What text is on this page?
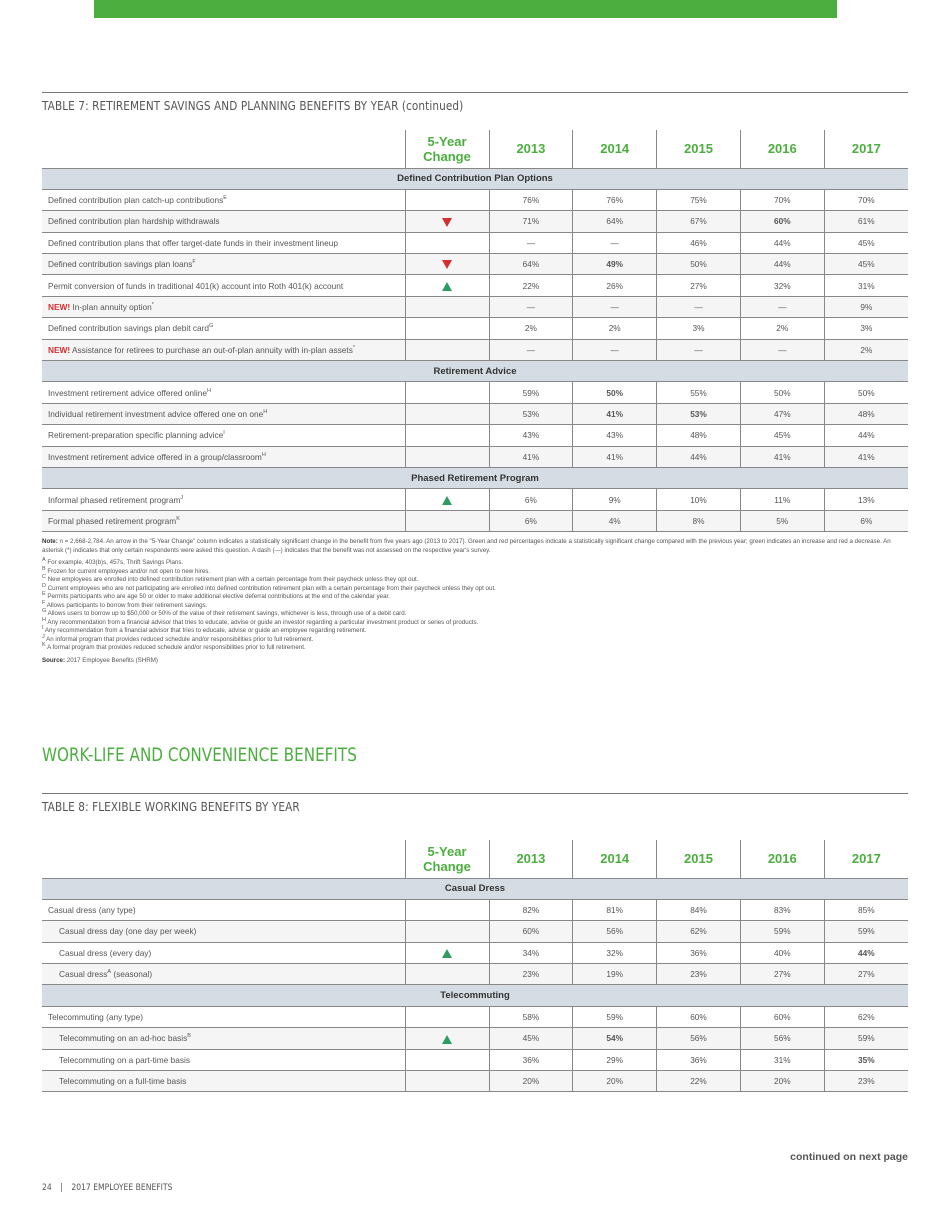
TABLE 7: RETIREMENT SAVINGS AND PLANNING BENEFITS BY YEAR (continued)
	5-Year Change	2013	2014	2015	2016	2017
Defined Contribution Plan Options						
Defined contribution plan catch-up contributions$^E$		76%	76%	75%	70%	70%
Defined contribution plan hardship withdrawals		71%	64%	67%	60%	61%
Defined contribution plans that offer target-date funds in their investment lineup		—	—	46%	44%	45%
Defined contribution savings plan loans$^F$		64%	49%	50%	44%	45%
Permit conversion of funds in traditional 401(k) account into Roth 401(k) account		22%	26%	27%	32%	31%
NEW! In-plan annuity option*		—	—	—	—	9%
Defined contribution savings plan debit card$^G$		2%	2%	3%	2%	3%
NEW! Assistance for retirees to purchase an out-of-plan annuity with in-plan assets*		—	—	—	—	2%
Retirement Advice						
Investment retirement advice offered online$^H$		59%	50%	55%	50%	50%
Individual retirement investment advice offered one on one$^H$		53%	41%	53%	47%	48%
Retirement-preparation specific planning advice$^I$		43%	43%	48%	45%	44%
Investment retirement advice offered in a group/classroom$^H$		41%	41%	44%	41%	41%
Phased Retirement Program						
Informal phased retirement program$^J$		6%	9%	10%	11%	13%
Formal phased retirement program$^K$		6%	4%	8%	5%	6%
Note: n = 2,668-2,784. An arrow in the "5-Year Change" column indicates a statistically significant change in the benefit from five years ago (2013 to 2017). Green and red percentages indicate a statistically significant change compared with the previous year; green indicates an increase and red a decrease. An asterisk (*) indicates that only certain respondents were asked this question. A dash (—) indicates that the benefit was not assessed on the respective year's survey.
$^A$ For example, 403(b)s, 457s, Thrift Savings Plans.
$^B$ Frozen for current employees and/or not open to new hires.
$^C$ New employees are enrolled into defined contribution retirement plan with a certain percentage from their paycheck unless they opt out.
$^D$ Current employees who are not participating are enrolled into defined contribution retirement plan with a certain percentage from their paycheck unless they opt out.
$^E$ Permits participants who are age 50 or older to make additional elective deferral contributions at the end of the calendar year.
$^F$ Allows participants to borrow from their retirement savings.
$^G$ Allows users to borrow up to $50,000 or 50% of the value of their retirement savings, whichever is less, through use of a debit card.
$^H$ Any recommendation from a financial advisor that tries to educate, advise or guide an investor regarding a particular investment product or series of products.
$^I$ Any recommendation from a financial advisor that tries to educate, advise or guide an employee regarding retirement.
$^J$ An informal program that provides reduced schedule and/or responsibilities prior to full retirement.
$^K$ A formal program that provides reduced schedule and/or responsibilities prior to full retirement.
Source: 2017 Employee Benefits (SHRM)
WORK-LIFE AND CONVENIENCE BENEFITS
TABLE 8: FLEXIBLE WORKING BENEFITS BY YEAR
	5-Year Change	2013	2014	2015	2016	2017
Casual Dress						
Casual dress (any type)		82%	81%	84%	83%	85%
Casual dress day (one day per week)		60%	56%	62%	59%	59%
Casual dress (every day)		34%	32%	36%	40%	44%
Casual dress$^A$ (seasonal)		23%	19%	23%	27%	27%
Telecommuting						
Telecommuting (any type)		58%	59%	60%	60%	62%
Telecommuting on an ad-hoc basis$^B$		45%	54%	56%	56%	59%
Telecommuting on a part-time basis		36%	29%	36%	31%	35%
Telecommuting on a full-time basis		20%	20%	22%	20%	23%
continued on next page
24 | 2017 EMPLOYEE BENEFITS
